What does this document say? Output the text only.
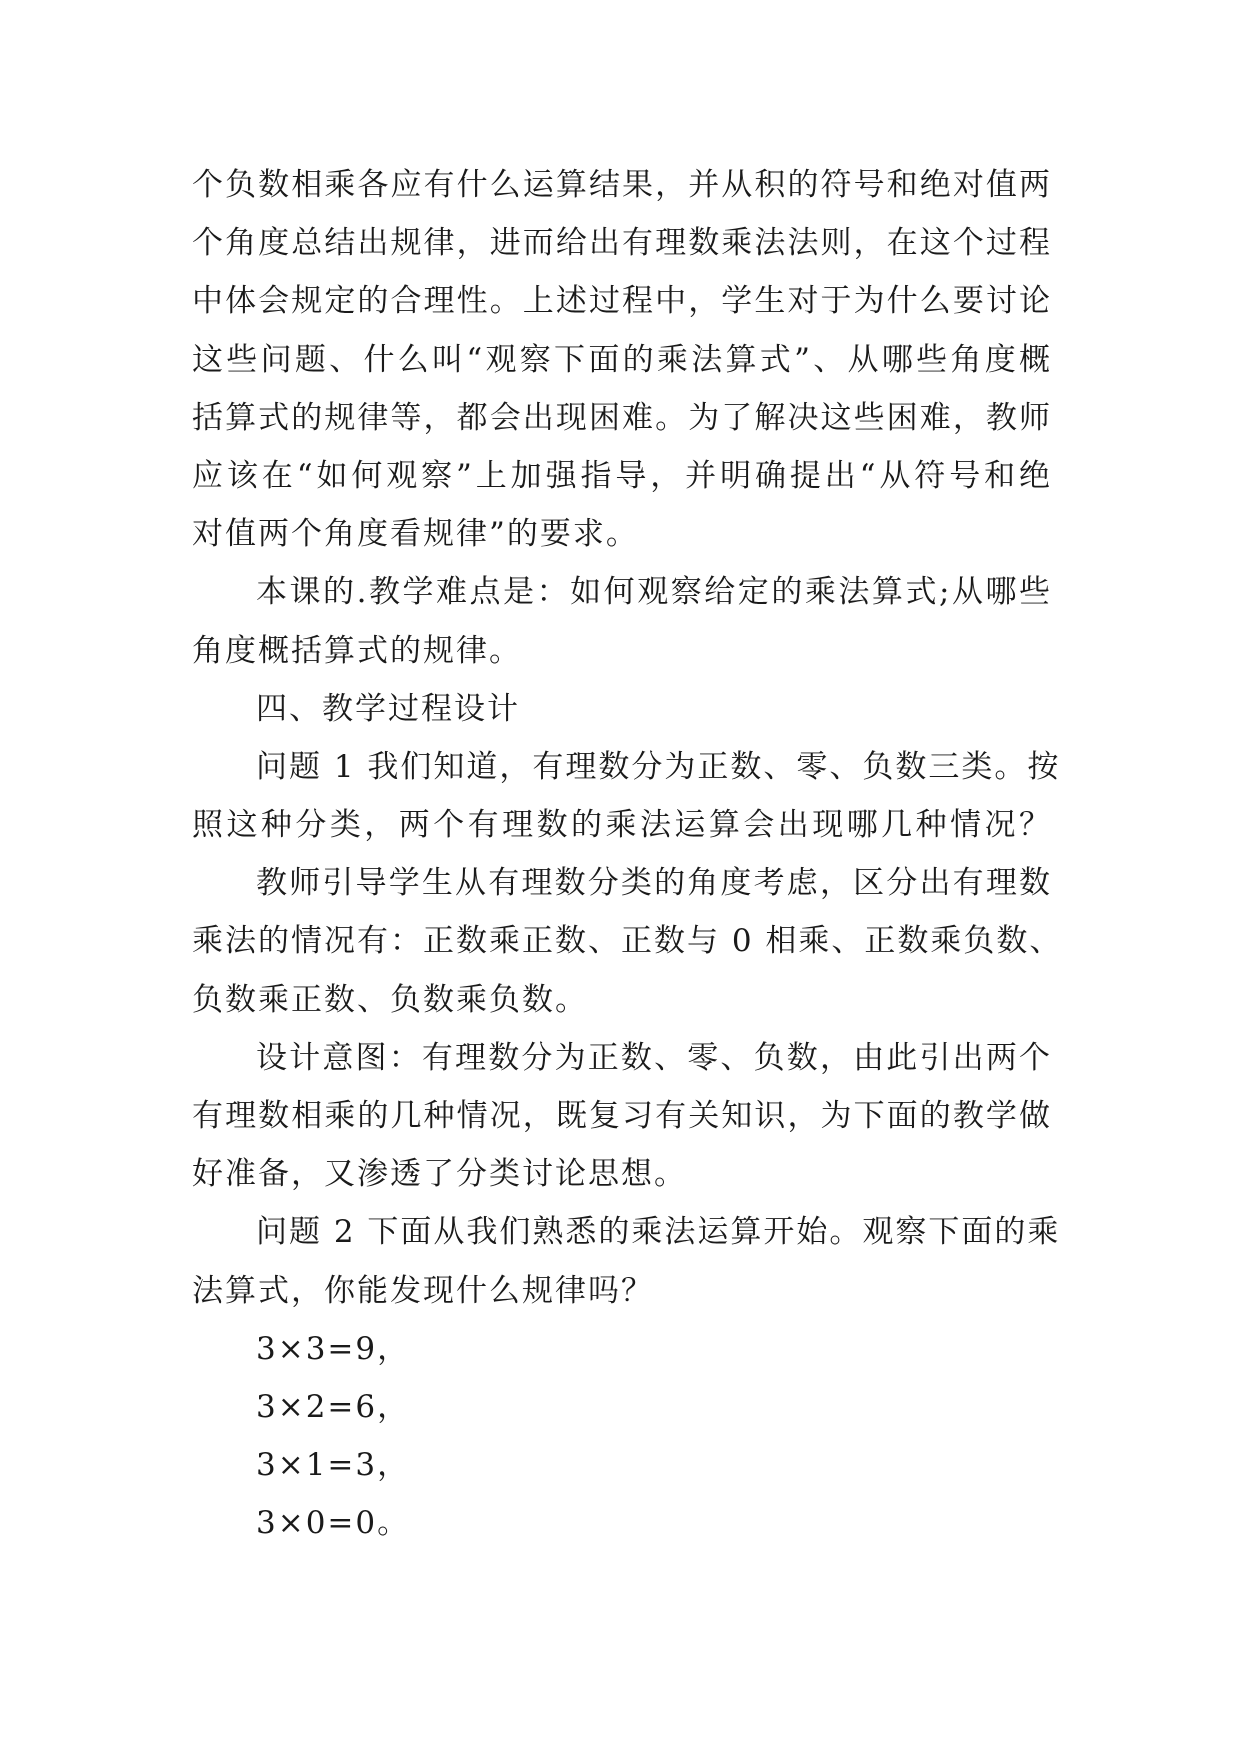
个负数相乘各应有什么运算结果，并从积的符号和绝对值两
个角度总结出规律，进而给出有理数乘法法则，在这个过程
中体会规定的合理性。上述过程中，学生对于为什么要讨论
这些问题、什么叫“观察下面的乘法算式”、从哪些角度概
括算式的规律等，都会出现困难。为了解决这些困难，教师
应该在“如何观察”上加强指导，并明确提出“从符号和绝
对值两个角度看规律”的要求。
本课的.教学难点是：如何观察给定的乘法算式;从哪些
角度概括算式的规律。
四、教学过程设计
问题 1 我们知道，有理数分为正数、零、负数三类。按
照这种分类，两个有理数的乘法运算会出现哪几种情况？
教师引导学生从有理数分类的角度考虑，区分出有理数
乘法的情况有：正数乘正数、正数与 0 相乘、正数乘负数、
负数乘正数、负数乘负数。
设计意图：有理数分为正数、零、负数，由此引出两个
有理数相乘的几种情况，既复习有关知识，为下面的教学做
好准备，又渗透了分类讨论思想。
问题 2 下面从我们熟悉的乘法运算开始。观察下面的乘
法算式，你能发现什么规律吗？
3×3=9，
3×2=6，
3×1=3，
3×0=0。
